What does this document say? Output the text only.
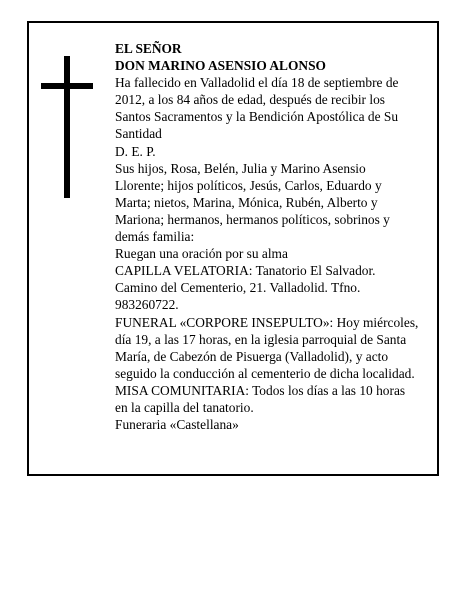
EL SEÑOR
DON MARINO ASENSIO ALONSO
Ha fallecido en Valladolid el día 18 de septiembre de
2012, a los 84 años de edad, después de recibir los
Santos Sacramentos y la Bendición Apostólica de Su
Santidad
D. E. P.
Sus hijos, Rosa, Belén, Julia y Marino Asensio
Llorente; hijos políticos, Jesús, Carlos, Eduardo y
Marta; nietos, Marina, Mónica, Rubén, Alberto y
Mariona; hermanos, hermanos políticos, sobrinos y
demás familia:
Ruegan una oración por su alma
CAPILLA VELATORIA: Tanatorio El Salvador.
Camino del Cementerio, 21. Valladolid. Tfno.
983260722.
FUNERAL «CORPORE INSEPULTO»: Hoy miércoles,
día 19, a las 17 horas, en la iglesia parroquial de Santa
María, de Cabezón de Pisuerga (Valladolid), y acto
seguido la conducción al cementerio de dicha localidad.
MISA COMUNITARIA: Todos los días a las 10 horas
en la capilla del tanatorio.
Funeraria «Castellana»
